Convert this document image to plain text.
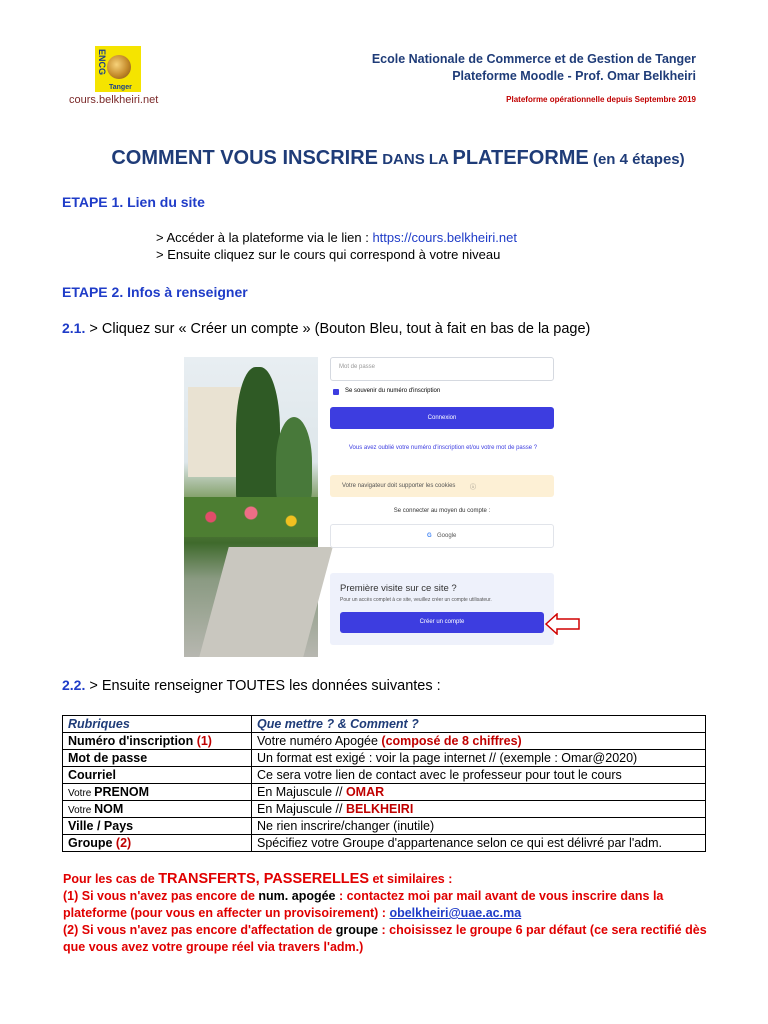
ENCG
Tanger
cours.belkheiri.net
Ecole Nationale de Commerce et de Gestion de Tanger
Plateforme Moodle - Prof. Omar Belkheiri
Plateforme opérationnelle depuis Septembre 2019
COMMENT VOUS INSCRIRE DANS LA PLATEFORME (en 4 étapes)
ETAPE 1. Lien du site
> Accéder à la plateforme via le lien : https://cours.belkheiri.net
> Ensuite cliquez sur le cours qui correspond à votre niveau
ETAPE 2. Infos à renseigner
2.1. > Cliquez sur « Créer un compte » (Bouton Bleu, tout à fait en bas de la page)
Mot de passe
Se souvenir du numéro d'inscription
Connexion
Vous avez oublié votre numéro d'inscription et/ou votre mot de passe ?
Votre navigateur doit supporter les cookies ⓘ
Se connecter au moyen du compte :
G Google
Première visite sur ce site ?
Pour un accès complet à ce site, veuillez créer un compte utilisateur.
Créer un compte
2.2. > Ensuite renseigner TOUTES les données suivantes :
Rubriques	Que mettre ? & Comment ?
Numéro d'inscription (1)	Votre numéro Apogée (composé de 8 chiffres)
Mot de passe	Un format est exigé : voir la page internet // (exemple : Omar@2020)
Courriel	Ce sera votre lien de contact avec le professeur pour tout le cours
Votre PRENOM	En Majuscule // OMAR
Votre NOM	En Majuscule // BELKHEIRI
Ville / Pays	Ne rien inscrire/changer (inutile)
Groupe (2)	Spécifiez votre Groupe d'appartenance selon ce qui est délivré par l'adm.
Pour les cas de TRANSFERTS, PASSERELLES et similaires :
(1) Si vous n'avez pas encore de num. apogée : contactez moi par mail avant de vous inscrire dans la plateforme (pour vous en affecter un provisoirement) : obelkheiri@uae.ac.ma
(2) Si vous n'avez pas encore d'affectation de groupe : choisissez le groupe 6 par défaut (ce sera rectifié dès que vous avez votre groupe réel via travers l'adm.)
